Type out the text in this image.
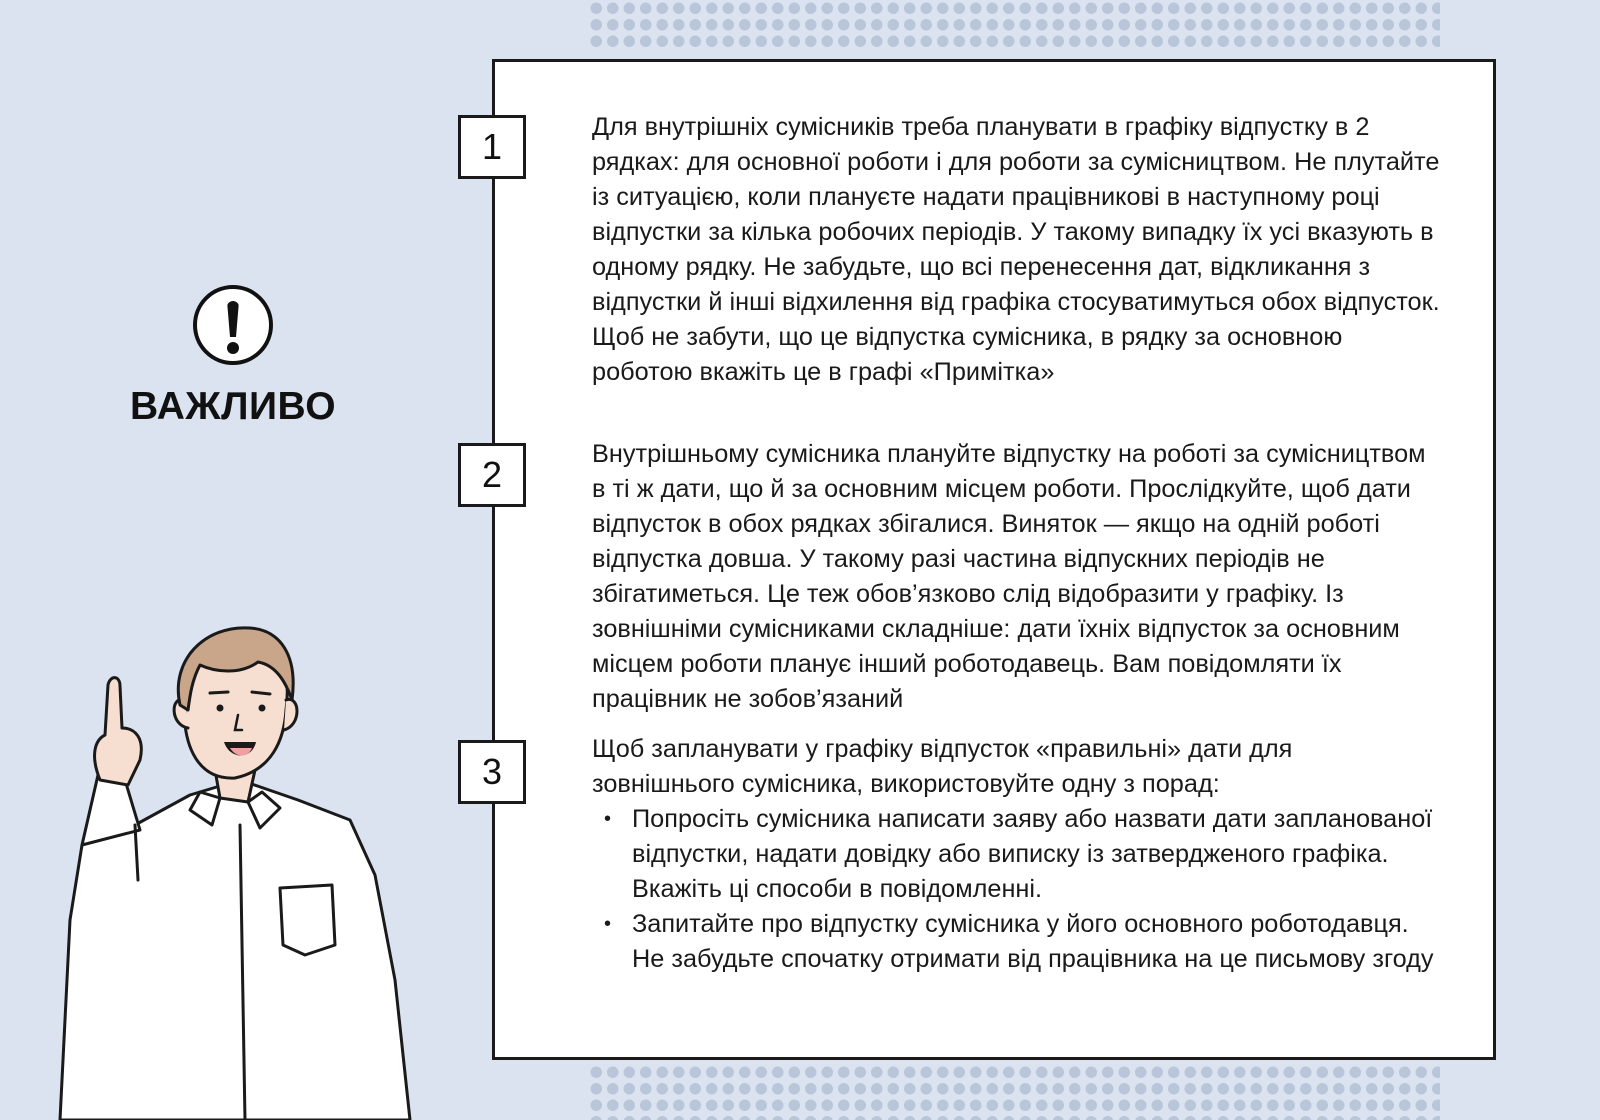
ВАЖЛИВО
1	Для внутрішніх сумісників треба планувати в графіку відпустку в 2 рядках: для основної роботи і для роботи за сумісництвом. Не плутайте із ситуацією, коли плануєте надати працівникові в наступному році відпустки за кілька робочих періодів. У такому випадку їх усі вказують в одному рядку. Не забудьте, що всі перенесення дат, відкликання з відпустки й інші відхилення від графіка стосуватимуться обох відпусток. Щоб не забути, що це відпустка сумісника, в рядку за основною роботою вкажіть це в графі «Примітка»

2	Внутрішньому сумісника плануйте відпустку на роботі за сумісництвом в ті ж дати, що й за основним місцем роботи. Прослідкуйте, щоб дати відпусток в обох рядках збігалися. Виняток — якщо на одній роботі відпустка довша. У такому разі частина відпускних періодів не збігатиметься. Це теж обов’язково слід відобразити у графіку. Із зовнішніми сумісниками складніше: дати їхніх відпусток за основним місцем роботи планує інший роботодавець. Вам повідомляти їх працівник не зобов’язаний

3

Щоб запланувати у графіку відпусток «правильні» дати для зовнішнього сумісника, використовуйте одну з порад:

• Попросіть сумісника написати заяву або назвати дати запланованої відпустки, надати довідку або виписку із затвердженого графіка. Вкажіть ці способи в повідомленні.
• Запитайте про відпустку сумісника у його основного роботодавця. Не забудьте спочатку отримати від працівника на це письмову згоду
